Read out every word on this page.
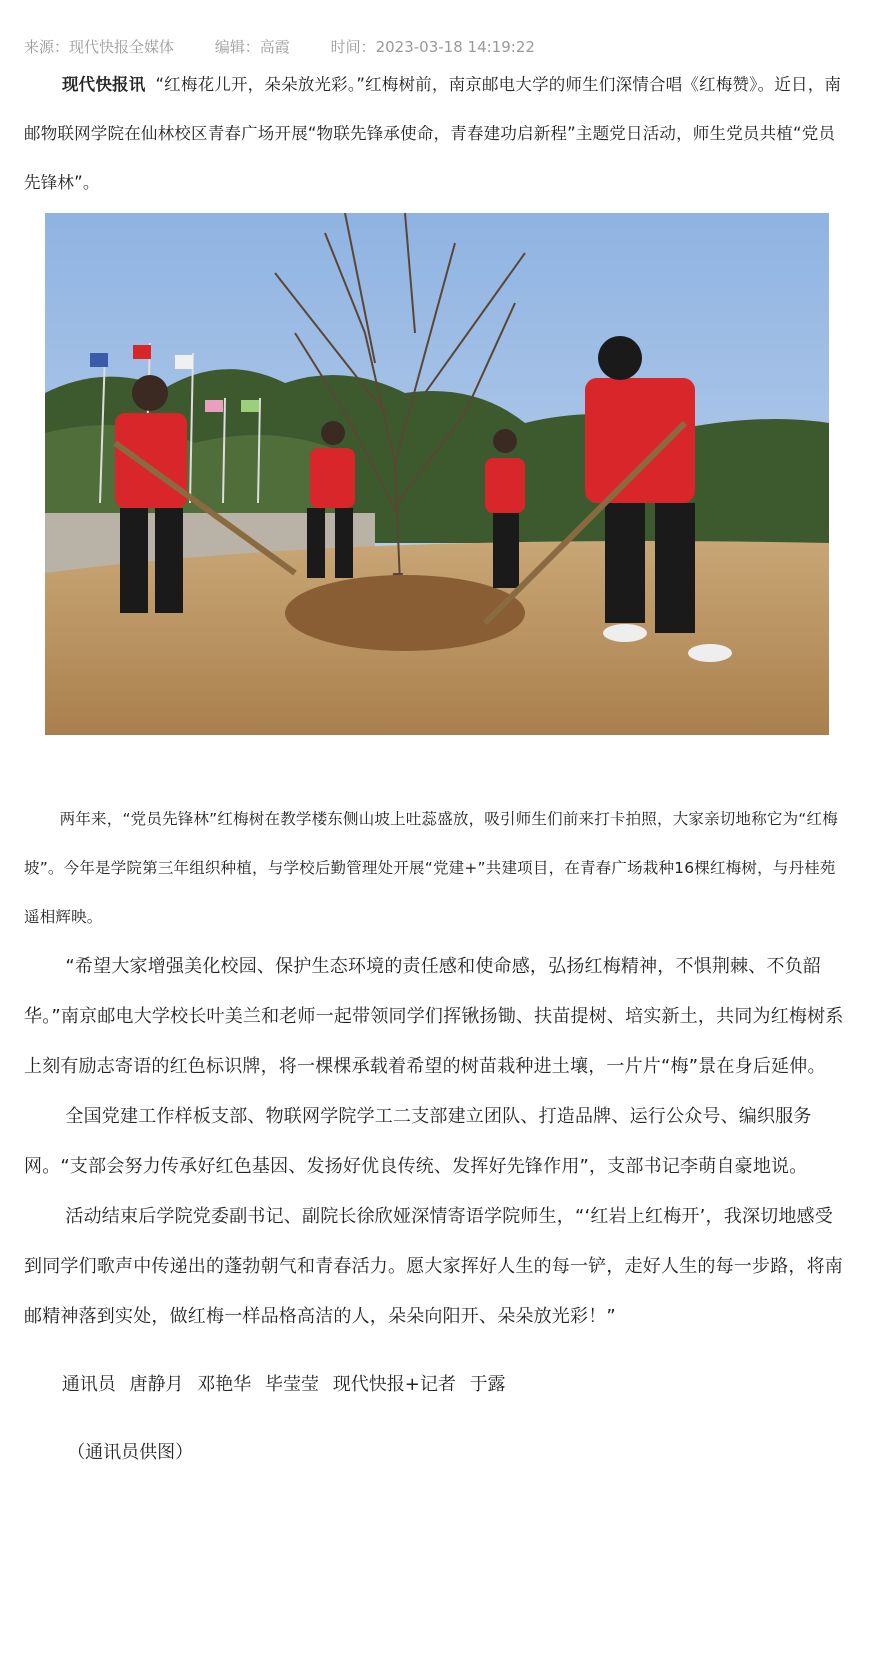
来源：现代快报全媒体	编辑：高霞	时间：2023-03-18 14:19:22

现代快报讯 “红梅花儿开，朵朵放光彩。”红梅树前，南京邮电大学的师生们深情合唱《红梅赞》。近日，南邮物联网学院在仙林校区青春广场开展“物联先锋承使命，青春建功启新程”主题党日活动，师生党员共植“党员先锋林”。

两年来，“党员先锋林”红梅树在教学楼东侧山坡上吐蕊盛放，吸引师生们前来打卡拍照，大家亲切地称它为“红梅坡”。今年是学院第三年组织种植，与学校后勤管理处开展“党建+”共建项目，在青春广场栽种16棵红梅树，与丹桂苑遥相辉映。

“希望大家增强美化校园、保护生态环境的责任感和使命感，弘扬红梅精神，不惧荆棘、不负韶华。”南京邮电大学校长叶美兰和老师一起带领同学们挥锹扬锄、扶苗提树、培实新土，共同为红梅树系上刻有励志寄语的红色标识牌，将一棵棵承载着希望的树苗栽种进土壤，一片片“梅”景在身后延伸。

全国党建工作样板支部、物联网学院学工二支部建立团队、打造品牌、运行公众号、编织服务网。“支部会努力传承好红色基因、发扬好优良传统、发挥好先锋作用”，支部书记李萌自豪地说。

活动结束后学院党委副书记、副院长徐欣娅深情寄语学院师生，“‘红岩上红梅开’，我深切地感受到同学们歌声中传递出的蓬勃朝气和青春活力。愿大家挥好人生的每一铲，走好人生的每一步路，将南邮精神落到实处，做红梅一样品格高洁的人，朵朵向阳开、朵朵放光彩！”

通讯员 唐静月 邓艳华 毕莹莹 现代快报+记者 于露

（通讯员供图）
